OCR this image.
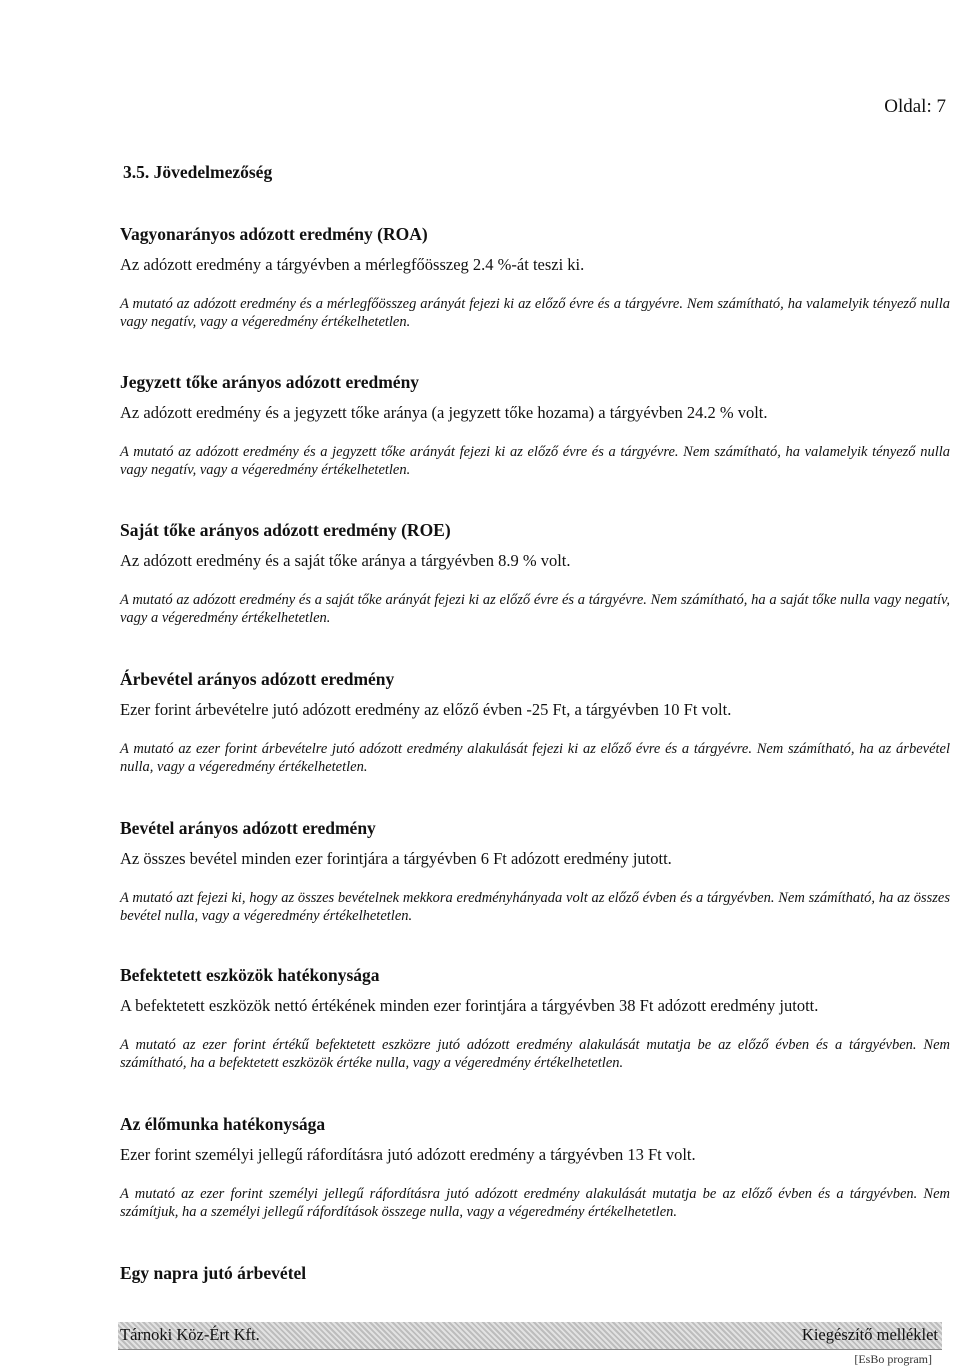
Oldal: 7
3.5. Jövedelmezőség
Vagyonarányos adózott eredmény (ROA)
Az adózott eredmény a tárgyévben a mérlegfőösszeg 2.4 %-át teszi ki.
A mutató az adózott eredmény és a mérlegfőösszeg arányát fejezi ki az előző évre és a tárgyévre. Nem számítható, ha valamelyik tényező nulla vagy negatív, vagy a végeredmény értékelhetetlen.
Jegyzett tőke arányos adózott eredmény
Az adózott eredmény és a jegyzett tőke aránya (a jegyzett tőke hozama) a tárgyévben 24.2 % volt.
A mutató az adózott eredmény és a jegyzett tőke arányát fejezi ki az előző évre és a tárgyévre. Nem számítható, ha valamelyik tényező nulla vagy negatív, vagy a végeredmény értékelhetetlen.
Saját tőke arányos adózott eredmény (ROE)
Az adózott eredmény és a saját tőke aránya a tárgyévben 8.9 % volt.
A mutató az adózott eredmény és a saját tőke arányát fejezi ki az előző évre és a tárgyévre. Nem számítható, ha a saját tőke nulla vagy negatív, vagy a végeredmény értékelhetetlen.
Árbevétel arányos adózott eredmény
Ezer forint árbevételre jutó adózott eredmény az előző évben -25 Ft, a tárgyévben 10 Ft volt.
A mutató az ezer forint árbevételre jutó adózott eredmény alakulását fejezi ki az előző évre és a tárgyévre. Nem számítható, ha az árbevétel nulla, vagy a végeredmény értékelhetetlen.
Bevétel arányos adózott eredmény
Az összes bevétel minden ezer forintjára a tárgyévben 6 Ft adózott eredmény jutott.
A mutató azt fejezi ki, hogy az összes bevételnek mekkora eredményhányada volt az előző évben és a tárgyévben. Nem számítható, ha az összes bevétel nulla, vagy a végeredmény értékelhetetlen.
Befektetett eszközök hatékonysága
A befektetett eszközök nettó értékének minden ezer forintjára a tárgyévben 38 Ft adózott eredmény jutott.
A mutató az ezer forint értékű befektetett eszközre jutó adózott eredmény alakulását mutatja be az előző évben és a tárgyévben. Nem számítható, ha a befektetett eszközök értéke nulla, vagy a végeredmény értékelhetetlen.
Az élőmunka hatékonysága
Ezer forint személyi jellegű ráfordításra jutó adózott eredmény a tárgyévben 13 Ft volt.
A mutató az ezer forint személyi jellegű ráfordításra jutó adózott eredmény alakulását mutatja be az előző évben és a tárgyévben. Nem számítjuk, ha a személyi jellegű ráfordítások összege nulla, vagy a végeredmény értékelhetetlen.
Egy napra jutó árbevétel
Tárnoki Köz-Ért Kft.	Kiegészítő melléklet
[EsBo program]
